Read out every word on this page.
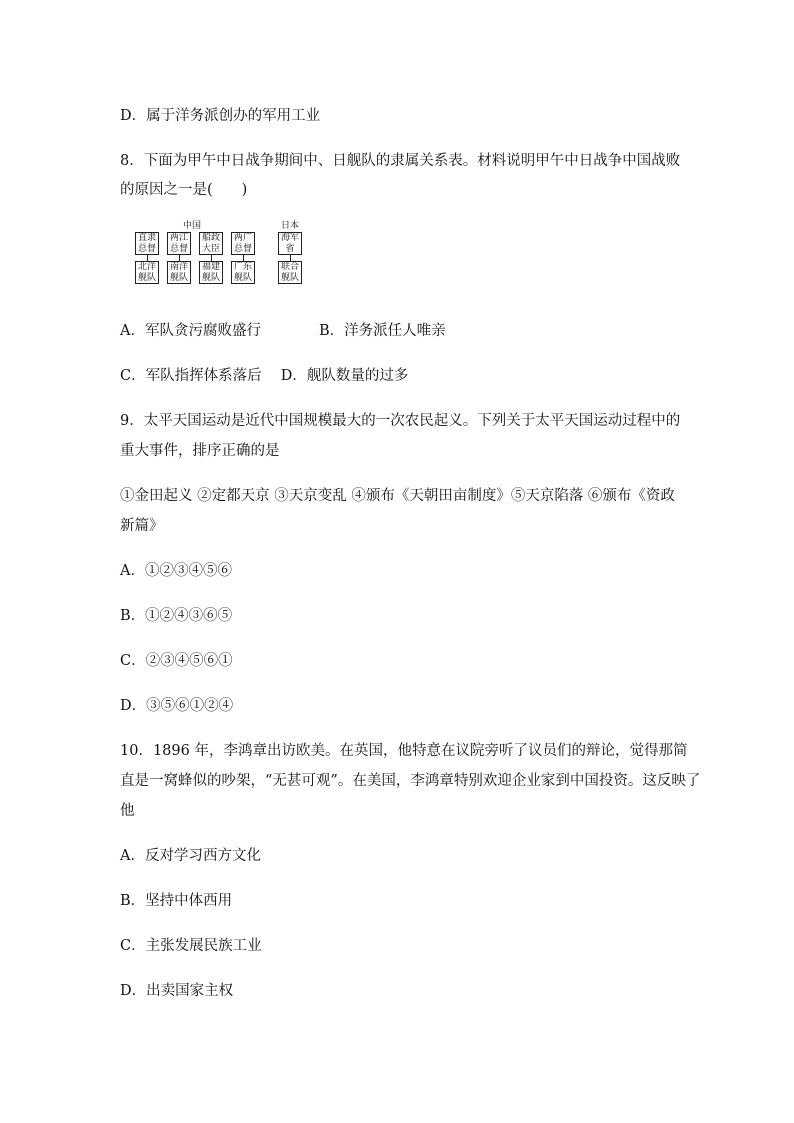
D．属于洋务派创办的军用工业
8．下面为甲午中日战争期间中、日舰队的隶属关系表。材料说明甲午中日战争中国战败
的原因之一是(　　)
中国	日本
直隶
总督
两江
总督
船政
大臣
两广
总督
海军
省
北洋
舰队
南洋
舰队
福建
舰队
广东
舰队
联合
舰队
A．军队贪污腐败盛行　　　　B．洋务派任人唯亲
C．军队指挥体系落后　 D．舰队数量的过多
9．太平天国运动是近代中国规模最大的一次农民起义。下列关于太平天国运动过程中的
重大事件，排序正确的是
①金田起义 ②定都天京 ③天京变乱 ④颁布《天朝田亩制度》⑤天京陷落 ⑥颁布《资政
新篇》
A．①②③④⑤⑥
B．①②④③⑥⑤
C．②③④⑤⑥①
D．③⑤⑥①②④
10．1896 年，李鸿章出访欧美。在英国，他特意在议院旁听了议员们的辩论，觉得那简
直是一窝蜂似的吵架，“无甚可观”。在美国，李鸿章特别欢迎企业家到中国投资。这反映了
他
A．反对学习西方文化
B．坚持中体西用
C．主张发展民族工业
D．出卖国家主权
